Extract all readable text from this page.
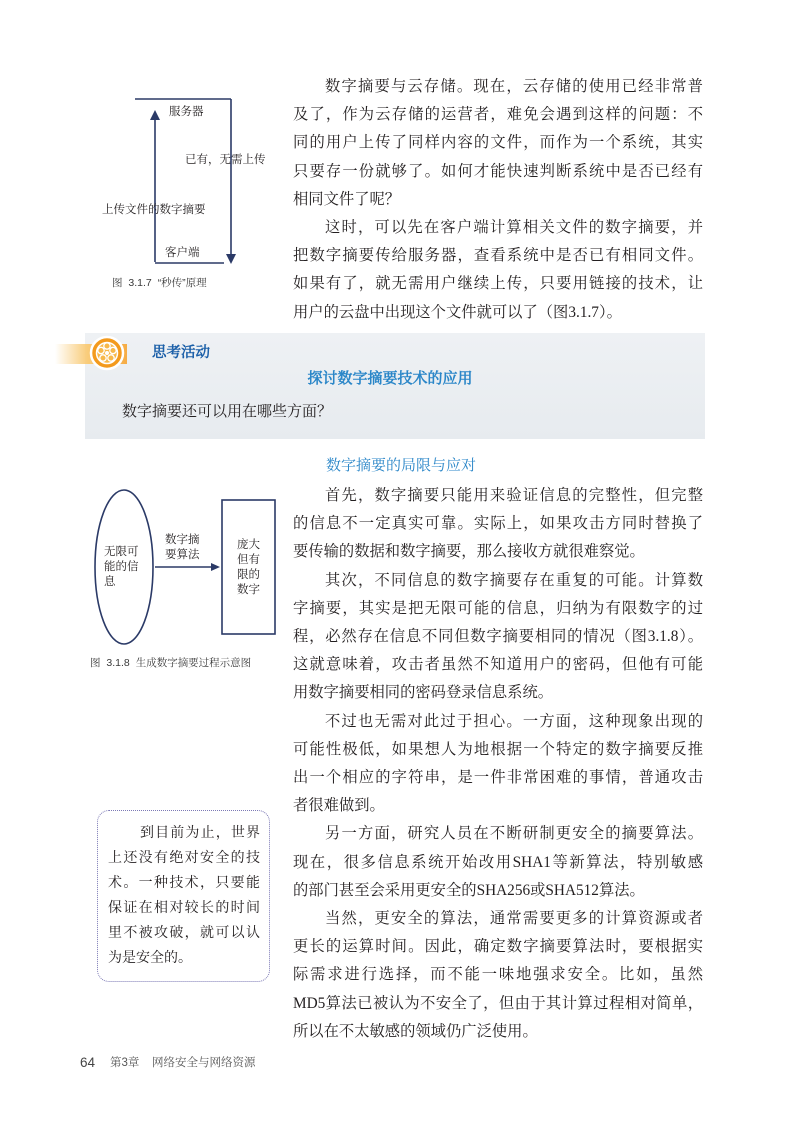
服务器
已有，无需上传
上传文件的数字摘要
客户端
图 3.1.7 “秒传”原理
数字摘要与云存储。现在，云存储的使用已经非常普
及了，作为云存储的运营者，难免会遇到这样的问题：不
同的用户上传了同样内容的文件，而作为一个系统，其实
只要存一份就够了。如何才能快速判断系统中是否已经有
相同文件了呢？
这时，可以先在客户端计算相关文件的数字摘要，并
把数字摘要传给服务器，查看系统中是否已有相同文件。
如果有了，就无需用户继续上传，只要用链接的技术，让
用户的云盘中出现这个文件就可以了（图3.1.7）。
思考活动
探讨数字摘要技术的应用
数字摘要还可以用在哪些方面？
数字摘要的局限与应对
无限可
能的信
息
数字摘
要算法
庞大
但有
限的
数字
图 3.1.8 生成数字摘要过程示意图
首先，数字摘要只能用来验证信息的完整性，但完整
的信息不一定真实可靠。实际上，如果攻击方同时替换了
要传输的数据和数字摘要，那么接收方就很难察觉。
其次，不同信息的数字摘要存在重复的可能。计算数
字摘要，其实是把无限可能的信息，归纳为有限数字的过
程，必然存在信息不同但数字摘要相同的情况（图3.1.8）。
这就意味着，攻击者虽然不知道用户的密码，但他有可能
用数字摘要相同的密码登录信息系统。
不过也无需对此过于担心。一方面，这种现象出现的
可能性极低，如果想人为地根据一个特定的数字摘要反推
出一个相应的字符串，是一件非常困难的事情，普通攻击
者很难做到。
另一方面，研究人员在不断研制更安全的摘要算法。
现在，很多信息系统开始改用SHA1等新算法，特别敏感
的部门甚至会采用更安全的SHA256或SHA512算法。
当然，更安全的算法，通常需要更多的计算资源或者
更长的运算时间。因此，确定数字摘要算法时，要根据实
际需求进行选择，而不能一味地强求安全。比如，虽然
MD5算法已被认为不安全了，但由于其计算过程相对简单，
所以在不太敏感的领域仍广泛使用。
到目前为止，世界
上还没有绝对安全的技
术。一种技术，只要能
保证在相对较长的时间
里不被攻破，就可以认
为是安全的。
64 第3章 网络安全与网络资源
